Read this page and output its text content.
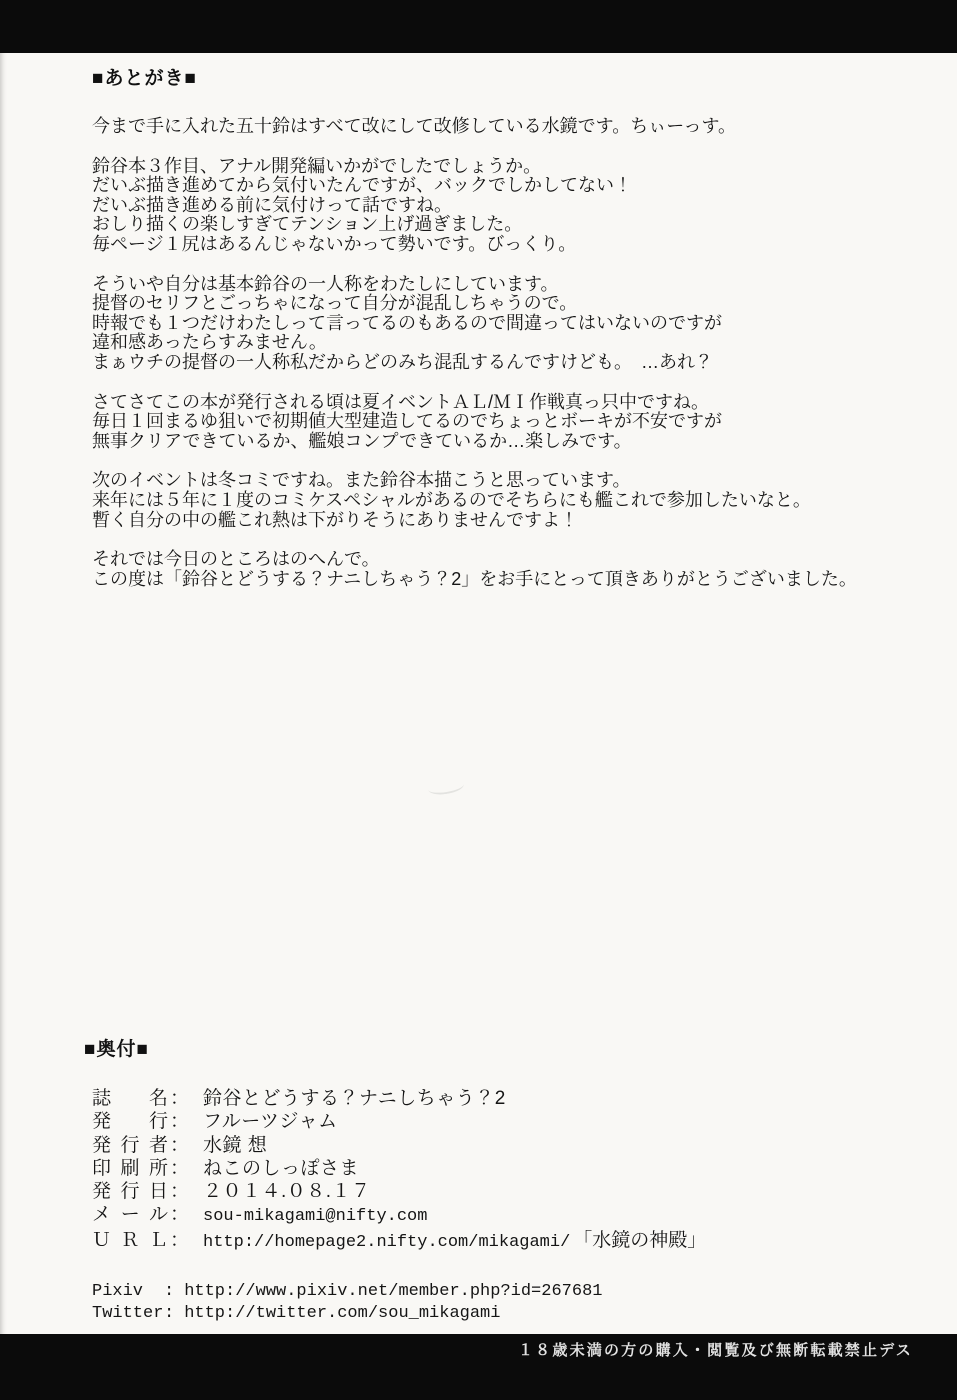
■あとがき■
今まで手に入れた五十鈴はすべて改にして改修している水鏡です。ちぃーっす。
鈴谷本３作目、アナル開発編いかがでしたでしょうか。
だいぶ描き進めてから気付いたんですが、バックでしかしてない！
だいぶ描き進める前に気付けって話ですね。
おしり描くの楽しすぎてテンション上げ過ぎました。
毎ページ１尻はあるんじゃないかって勢いです。びっくり。
そういや自分は基本鈴谷の一人称をわたしにしています。
提督のセリフとごっちゃになって自分が混乱しちゃうので。
時報でも１つだけわたしって言ってるのもあるので間違ってはいないのですが
違和感あったらすみません。
まぁウチの提督の一人称私だからどのみち混乱するんですけども。　…あれ？
さてさてこの本が発行される頃は夏イベントＡＬ/ＭＩ作戦真っ只中ですね。
毎日１回まるゆ狙いで初期値大型建造してるのでちょっとボーキが不安ですが
無事クリアできているか、艦娘コンプできているか…楽しみです。
次のイベントは冬コミですね。また鈴谷本描こうと思っています。
来年には５年に１度のコミケスペシャルがあるのでそちらにも艦これで参加したいなと。
暫く自分の中の艦これ熱は下がりそうにありませんですよ！
それでは今日のところはのへんで。
この度は「鈴谷とどうする？ナニしちゃう？2」をお手にとって頂きありがとうございました。
■奥付■
誌　名 ： 鈴谷とどうする？ナニしちゃう？2
発　行 ： フルーツジャム
発行者 ： 水鏡 想
印刷所 ： ねこのしっぽさま
発行日 ： ２０１４.０８.１７
メール ： sou-mikagami@nifty.com
ＵＲＬ ： http://homepage2.nifty.com/mikagami/ 「水鏡の神殿」
Pixiv	: http://www.pixiv.net/member.php?id=267681
Twitter : http://twitter.com/sou_mikagami
１８歳未満の方の購入・閲覧及び無断転載禁止デス
